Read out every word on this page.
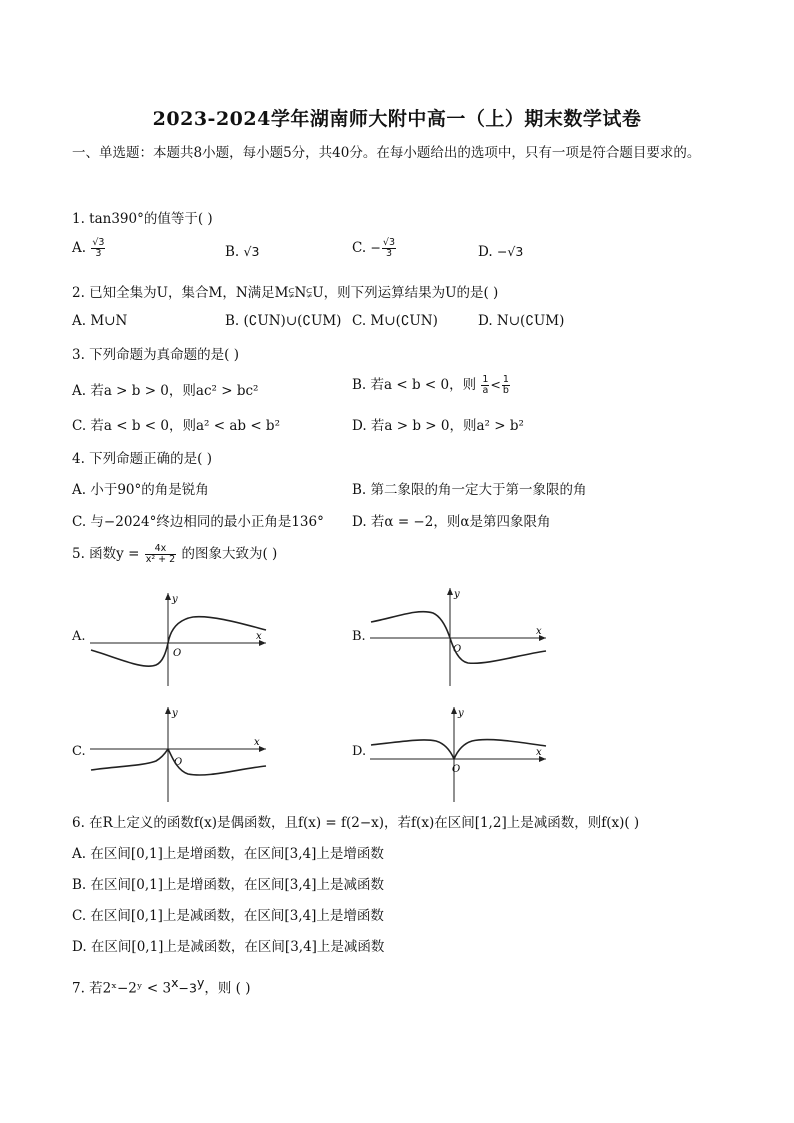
2023-2024学年湖南师大附中高一（上）期末数学试卷
一、单选题：本题共8小题，每小题5分，共40分。在每小题给出的选项中，只有一项是符合题目要求的。
1. tan390°的值等于( )
A. $\frac{√3}{3}$	B. √3	C. − $\frac{√3}{3}$	D. −√3
2. 已知全集为U，集合M，N满足M⫋N⫋U，则下列运算结果为U的是( )
A. M∪N	B. (∁UN)∪(∁UM) C. M∪(∁UN)	D. N∪(∁UM)
3. 下列命题为真命题的是( )
A. 若a > b > 0，则ac² > bc²	B. 若a < b < 0，则 $\frac{1}{a} < \frac{1}{b}$
C. 若a < b < 0，则a² < ab < b²	D. 若a > b > 0，则a² > b²
4. 下列命题正确的是( )
A. 小于90°的角是锐角	B. 第二象限的角一定大于第一象限的角
C. 与−2024°终边相同的最小正角是136° D. 若α = −2，则α是第四象限角
5. 函数$y = \frac{4x}{\text{x² + 2}}$ 的图象大致为( )
A.	B.
C.	D.
x
y
O
x
y
O
x
y
O
x
y
O
6. 在R上定义的函数f(x)是偶函数，且f(x) = f(2−x)，若f(x)在区间[1,2]上是减函数，则f(x)( )
A. 在区间[0,1]上是增函数，在区间[3,4]上是增函数
B. 在区间[0,1]上是增函数，在区间[3,4]上是减函数
C. 在区间[0,1]上是减函数，在区间[3,4]上是增函数
D. 在区间[0,1]上是减函数，在区间[3,4]上是减函数
7. 若2ˣ−2ʸ < $3^x-3^y$，则 ( )
